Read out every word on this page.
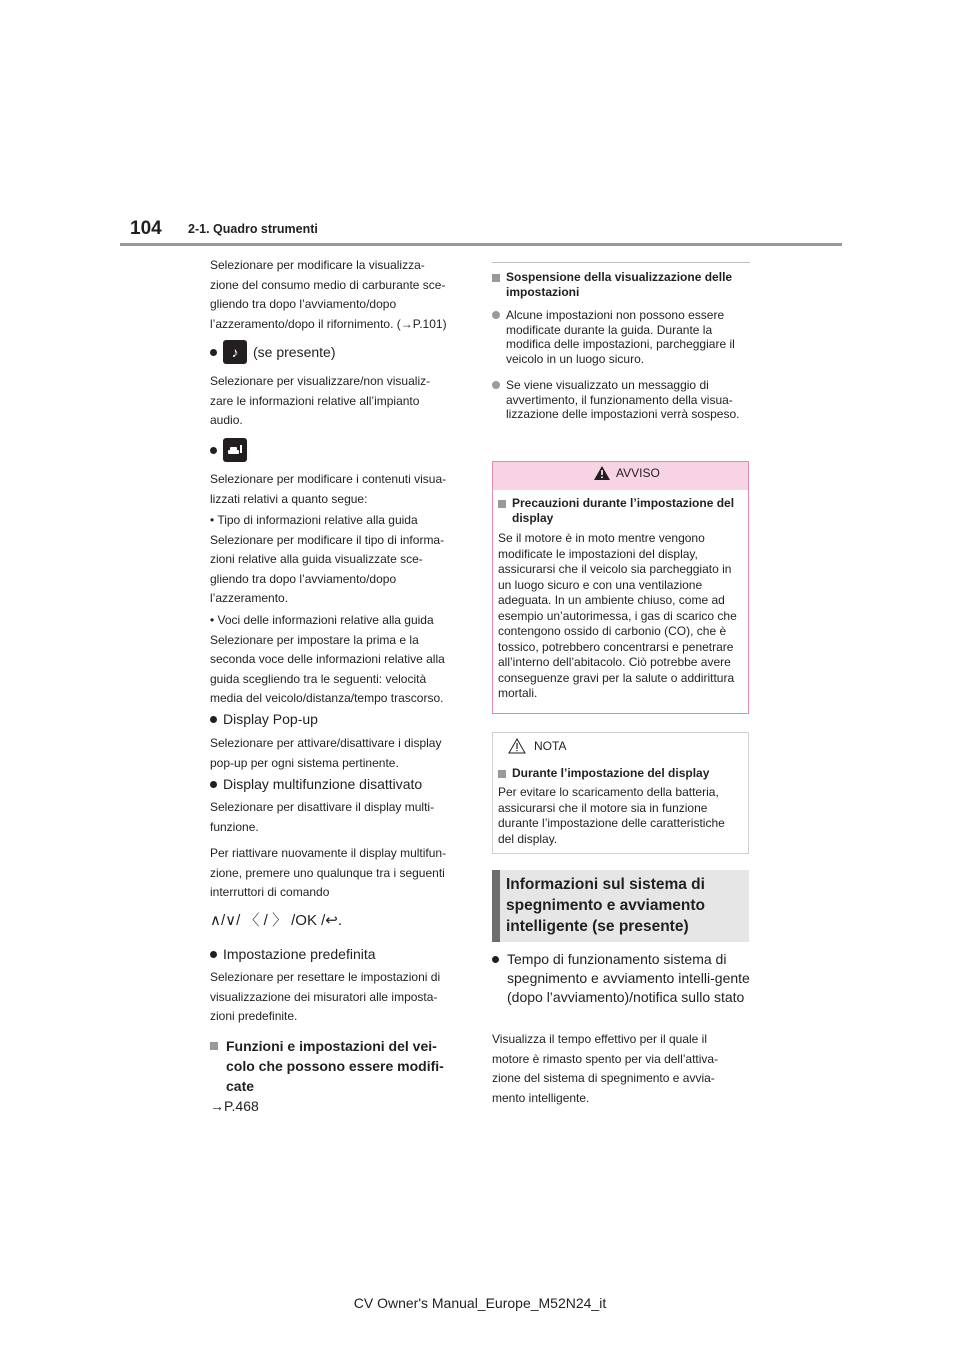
104 2-1. Quadro strumenti

Selezionare per modificare la visualizza-

zione del consumo medio di carburante sce-

gliendo tra dopo l’avviamento/dopo

l’azzeramento/dopo il rifornimento. (→P.101)

♪	(se presente)

Selezionare per visualizzare/non visualiz-

zare le informazioni relative all’impianto

audio.

Selezionare per modificare i contenuti visua-

lizzati relativi a quanto segue:

• Tipo di informazioni relative alla guida

Selezionare per modificare il tipo di informa-

zioni relative alla guida visualizzate sce-

gliendo tra dopo l’avviamento/dopo

l’azzeramento.

• Voci delle informazioni relative alla guida

Selezionare per impostare la prima e la

seconda voce delle informazioni relative alla

guida scegliendo tra le seguenti: velocità

media del veicolo/distanza/tempo trascorso.

Display Pop-up

Selezionare per attivare/disattivare i display

pop-up per ogni sistema pertinente.

Display multifunzione disattivato

Selezionare per disattivare il display multi-

funzione.

Per riattivare nuovamente il display multifun-

zione, premere uno qualunque tra i seguenti

interruttori di comando

∧/∨/ 〈 / 〉 /OK /↩.
Impostazione predefinita

Selezionare per resettare le impostazioni di

visualizzazione dei misuratori alle imposta-

zioni predefinite.

Funzioni e impostazioni del vei-
colo che possono essere modifi-
cate
→P.468
Sospensione della visualizzazione delle impostazioni
Alcune impostazioni non possono essere modificate durante la guida. Durante la modifica delle impostazioni, parcheggiare il veicolo in un luogo sicuro.
Se viene visualizzato un messaggio di avvertimento, il funzionamento della visua-lizzazione delle impostazioni verrà sospeso.
AVVISO
Precauzioni durante l’impostazione del display
Se il motore è in moto mentre vengono modificate le impostazioni del display, assicurarsi che il veicolo sia parcheggiato in un luogo sicuro e con una ventilazione adeguata. In un ambiente chiuso, come ad esempio un’autorimessa, i gas di scarico che contengono ossido di carbonio (CO), che è tossico, potrebbero concentrarsi e penetrare all’interno dell’abitacolo. Ciò potrebbe avere conseguenze gravi per la salute o addirittura mortali.
NOTA
Durante l’impostazione del display
Per evitare lo scaricamento della batteria, assicurarsi che il motore sia in funzione durante l’impostazione delle caratteristiche del display.
Informazioni sul sistema di spegnimento e avviamento intelligente (se presente)
Tempo di funzionamento sistema di spegnimento e avviamento intelli-gente (dopo l’avviamento)/notifica sullo stato
Visualizza il tempo effettivo per il quale il
motore è rimasto spento per via dell’attiva-
zione del sistema di spegnimento e avvia-
mento intelligente.
CV Owner's Manual_Europe_M52N24_it
